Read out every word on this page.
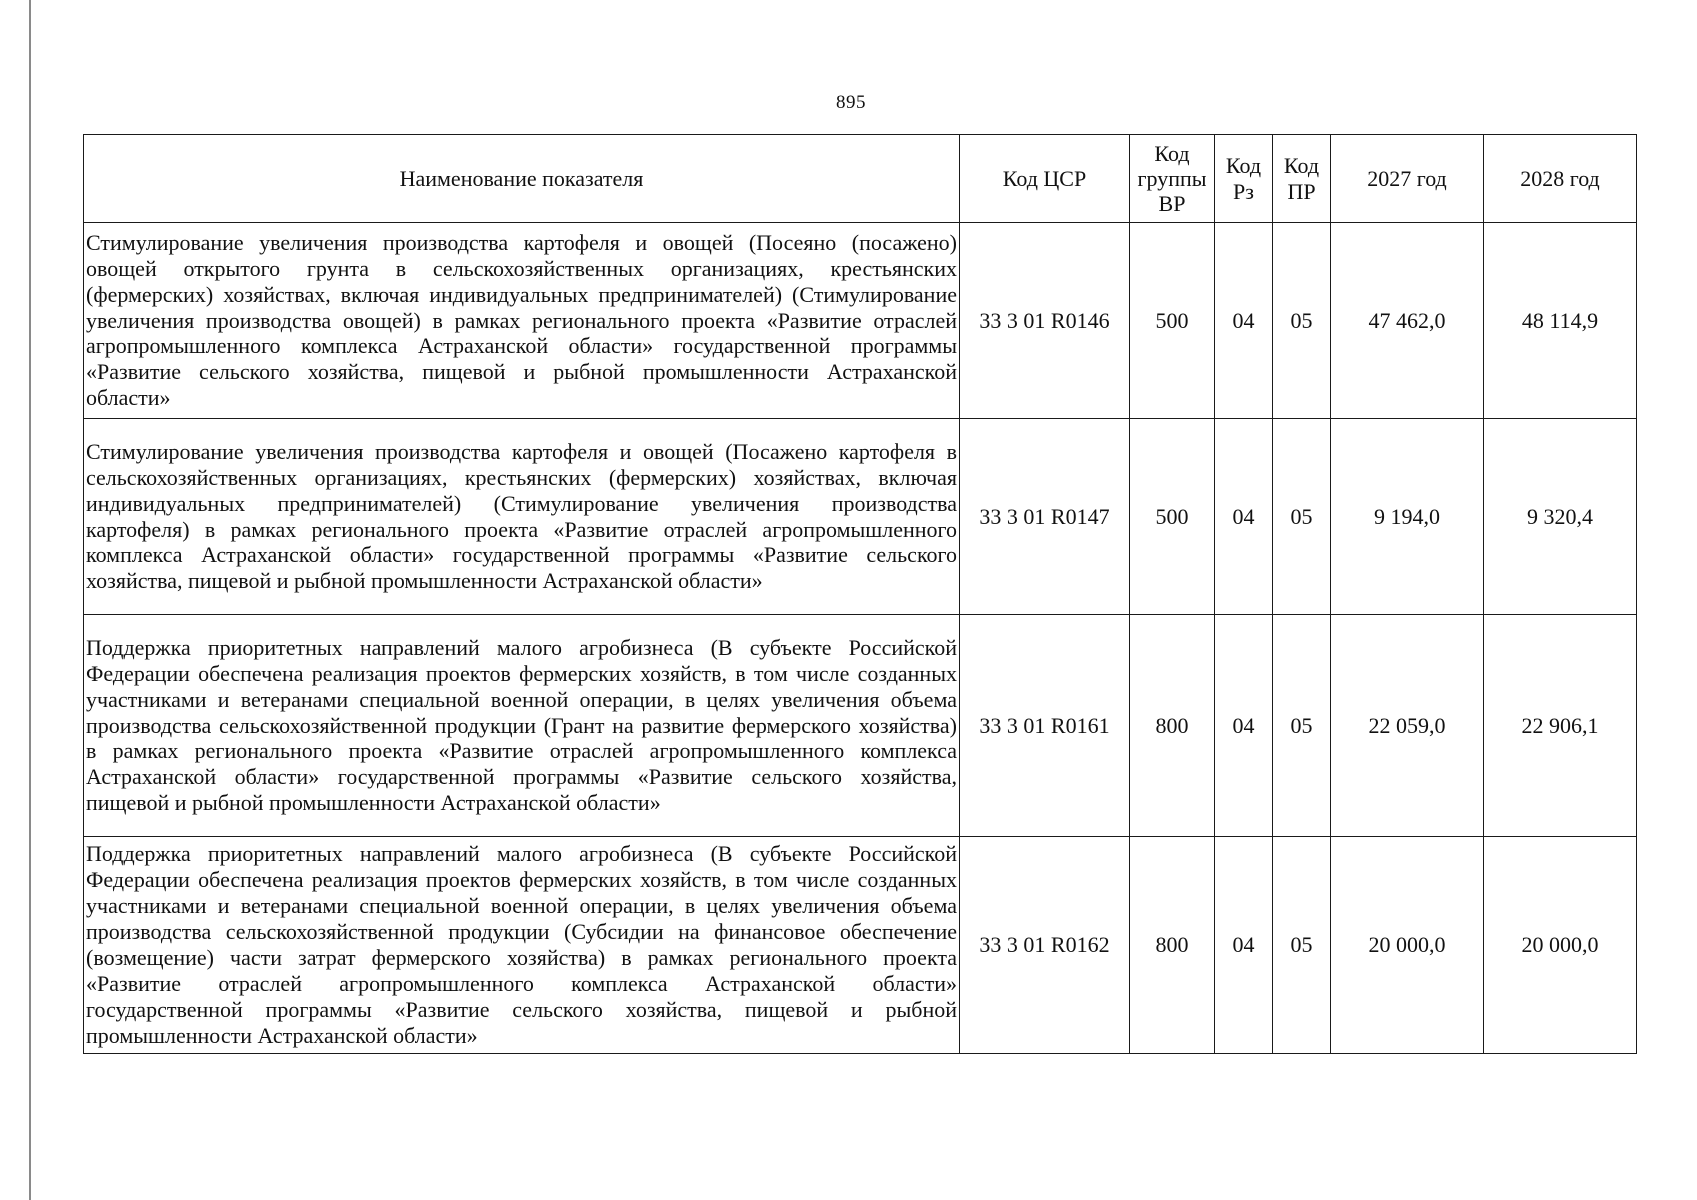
895
Наименование показателя	Код ЦСР	Код группы ВР	Код Рз	Код ПР	2027 год	2028 год
Стимулирование увеличения производства картофеля и овощей (Посеяно (посажено) овощей открытого грунта в сельскохозяйственных организациях, крестьянских (фермерских) хозяйствах, включая индивидуальных предпринимателей) (Стимулирование увеличения производства овощей) в рамках регионального проекта «Развитие отраслей агропромышленного комплекса Астраханской области» государственной программы «Развитие сельского хозяйства, пищевой и рыбной промышленности Астраханской области»	33 3 01 R0146	500	04	05	47 462,0	48 114,9
Стимулирование увеличения производства картофеля и овощей (Посажено картофеля в сельскохозяйственных организациях, крестьянских (фермерских) хозяйствах, включая индивидуальных предпринимателей) (Стимулирование увеличения производства картофеля) в рамках регионального проекта «Развитие отраслей агропромышленного комплекса Астраханской области» государственной программы «Развитие сельского хозяйства, пищевой и рыбной промышленности Астраханской области»	33 3 01 R0147	500	04	05	9 194,0	9 320,4
Поддержка приоритетных направлений малого агробизнеса (В субъекте Российской Федерации обеспечена реализация проектов фермерских хозяйств, в том числе созданных участниками и ветеранами специальной военной операции, в целях увеличения объема производства сельскохозяйственной продукции (Грант на развитие фермерского хозяйства) в рамках регионального проекта «Развитие отраслей агропромышленного комплекса Астраханской области» государственной программы «Развитие сельского хозяйства, пищевой и рыбной промышленности Астраханской области»	33 3 01 R0161	800	04	05	22 059,0	22 906,1
Поддержка приоритетных направлений малого агробизнеса (В субъекте Российской Федерации обеспечена реализация проектов фермерских хозяйств, в том числе созданных участниками и ветеранами специальной военной операции, в целях увеличения объема производства сельскохозяйственной продукции (Субсидии на финансовое обеспечение (возмещение) части затрат фермерского хозяйства) в рамках регионального проекта «Развитие отраслей агропромышленного комплекса Астраханской области» государственной программы «Развитие сельского хозяйства, пищевой и рыбной промышленности Астраханской области»	33 3 01 R0162	800	04	05	20 000,0	20 000,0
